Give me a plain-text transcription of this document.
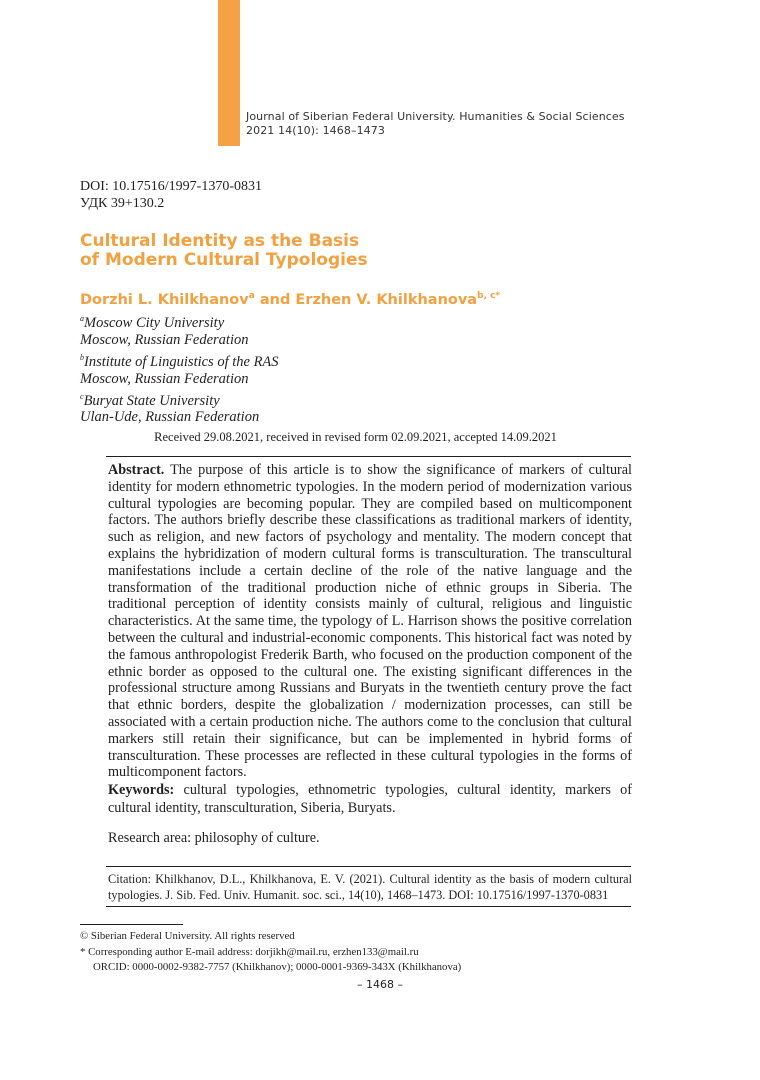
Journal of Siberian Federal University. Humanities & Social Sciences
2021 14(10): 1468–1473
DOI: 10.17516/1997-1370-0831
УДК 39+130.2
Cultural Identity as the Basis
of Modern Cultural Typologies
Dorzhi L. Khilkhanov$^a$ and Erzhen V. Khilkhanova$^{b, c*}$
$^a$Moscow City University
Moscow, Russian Federation
$^b$Institute of Linguistics of the RAS
Moscow, Russian Federation
$^c$Buryat State University
Ulan-Ude, Russian Federation
Received 29.08.2021, received in revised form 02.09.2021, accepted 14.09.2021
Abstract. The purpose of this article is to show the significance of markers of cultural identity for modern ethnometric typologies. In the modern period of modernization various cultural typologies are becoming popular. They are compiled based on multicomponent factors. The authors briefly describe these classifications as traditional markers of identity, such as religion, and new factors of psychology and mentality. The modern concept that explains the hybridization of modern cultural forms is transculturation. The transcultural manifestations include a certain decline of the role of the native language and the transformation of the traditional production niche of ethnic groups in Siberia. The traditional perception of identity consists mainly of cultural, religious and linguistic characteristics. At the same time, the typology of L. Harrison shows the positive correlation between the cultural and industrial-economic components. This historical fact was noted by the famous anthropologist Frederik Barth, who focused on the production component of the ethnic border as opposed to the cultural one. The existing significant differences in the professional structure among Russians and Buryats in the twentieth century prove the fact that ethnic borders, despite the globalization / modernization processes, can still be associated with a certain production niche. The authors come to the conclusion that cultural markers still retain their significance, but can be implemented in hybrid forms of transculturation. These processes are reflected in these cultural typologies in the forms of multicomponent factors.
Keywords: cultural typologies, ethnometric typologies, cultural identity, markers of cultural identity, transculturation, Siberia, Buryats.
Research area: philosophy of culture.
Citation: Khilkhanov, D.L., Khilkhanova, E. V. (2021). Cultural identity as the basis of modern cultural typologies. J. Sib. Fed. Univ. Humanit. soc. sci., 14(10), 1468–1473. DOI: 10.17516/1997-1370-0831
© Siberian Federal University. All rights reserved
* Corresponding author E-mail address: dorjikh@mail.ru, erzhen133@mail.ru
ORCID: 0000-0002-9382-7757 (Khilkhanov); 0000-0001-9369-343X (Khilkhanova)
– 1468 –
